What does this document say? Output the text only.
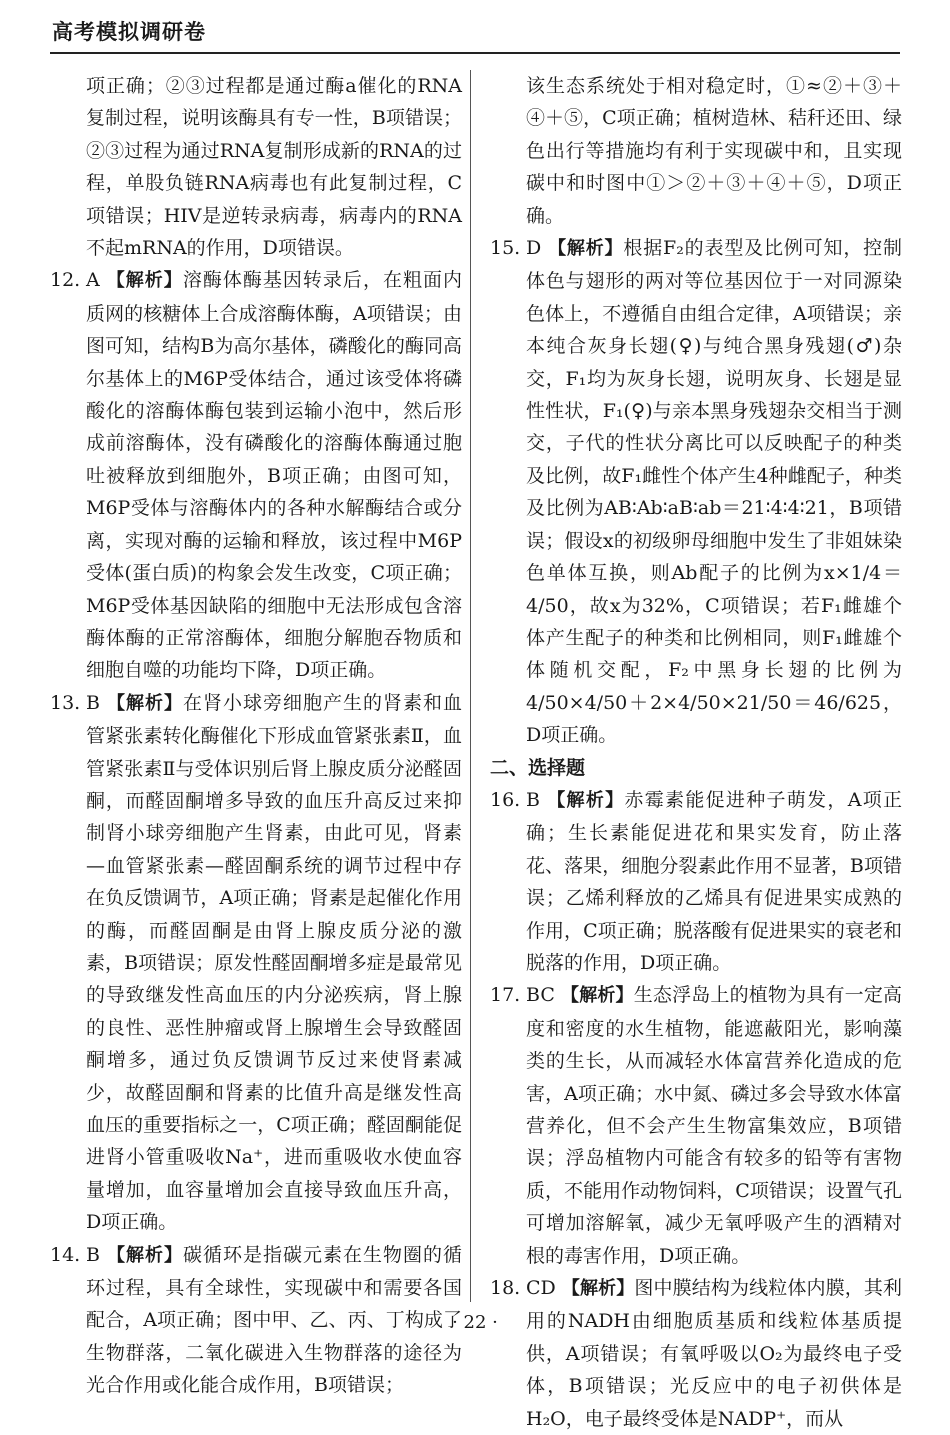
高考模拟调研卷

项正确；②③过程都是通过酶a催化的RNA复制过程，说明该酶具有专一性，B项错误；②③过程为通过RNA复制形成新的RNA的过程，单股负链RNA病毒也有此复制过程，C项错误；HIV是逆转录病毒，病毒内的RNA不起mRNA的作用，D项错误。

12. A 【解析】溶酶体酶基因转录后，在粗面内质网的核糖体上合成溶酶体酶，A项错误；由图可知，结构B为高尔基体，磷酸化的酶同高尔基体上的M6P受体结合，通过该受体将磷酸化的溶酶体酶包装到运输小泡中，然后形成前溶酶体，没有磷酸化的溶酶体酶通过胞吐被释放到细胞外，B项正确；由图可知，M6P受体与溶酶体内的各种水解酶结合或分离，实现对酶的运输和释放，该过程中M6P受体(蛋白质)的构象会发生改变，C项正确；M6P受体基因缺陷的细胞中无法形成包含溶酶体酶的正常溶酶体，细胞分解胞吞物质和细胞自噬的功能均下降，D项正确。
13. B 【解析】在肾小球旁细胞产生的肾素和血管紧张素转化酶催化下形成血管紧张素Ⅱ，血管紧张素Ⅱ与受体识别后肾上腺皮质分泌醛固酮，而醛固酮增多导致的血压升高反过来抑制肾小球旁细胞产生肾素，由此可见，肾素—血管紧张素—醛固酮系统的调节过程中存在负反馈调节，A项正确；肾素是起催化作用的酶，而醛固酮是由肾上腺皮质分泌的激素，B项错误；原发性醛固酮增多症是最常见的导致继发性高血压的内分泌疾病，肾上腺的良性、恶性肿瘤或肾上腺增生会导致醛固酮增多，通过负反馈调节反过来使肾素减少，故醛固酮和肾素的比值升高是继发性高血压的重要指标之一，C项正确；醛固酮能促进肾小管重吸收Na⁺，进而重吸收水使血容量增加，血容量增加会直接导致血压升高，D项正确。
14. B 【解析】碳循环是指碳元素在生物圈的循环过程，具有全球性，实现碳中和需要各国配合，A项正确；图中甲、乙、丙、丁构成了生物群落，二氧化碳进入生物群落的途径为光合作用或化能合成作用，B项错误；

该生态系统处于相对稳定时，①≈②＋③＋④＋⑤，C项正确；植树造林、秸秆还田、绿色出行等措施均有利于实现碳中和，且实现碳中和时图中①＞②＋③＋④＋⑤，D项正确。

15. D 【解析】根据F₂的表型及比例可知，控制体色与翅形的两对等位基因位于一对同源染色体上，不遵循自由组合定律，A项错误；亲本纯合灰身长翅(♀)与纯合黑身残翅(♂)杂交，F₁均为灰身长翅，说明灰身、长翅是显性性状，F₁(♀)与亲本黑身残翅杂交相当于测交，子代的性状分离比可以反映配子的种类及比例，故F₁雌性个体产生4种雌配子，种类及比例为AB∶Ab∶aB∶ab＝21∶4∶4∶21，B项错误；假设x的初级卵母细胞中发生了非姐妹染色单体互换，则Ab配子的比例为x×1/4＝4/50，故x为32%，C项错误；若F₁雌雄个体产生配子的种类和比例相同，则F₁雌雄个体随机交配，F₂中黑身长翅的比例为4/50×4/50＋2×4/50×21/50＝46/625，D项正确。

二、选择题

16. B 【解析】赤霉素能促进种子萌发，A项正确；生长素能促进花和果实发育，防止落花、落果，细胞分裂素此作用不显著，B项错误；乙烯利释放的乙烯具有促进果实成熟的作用，C项正确；脱落酸有促进果实的衰老和脱落的作用，D项正确。
17. BC 【解析】生态浮岛上的植物为具有一定高度和密度的水生植物，能遮蔽阳光，影响藻类的生长，从而减轻水体富营养化造成的危害，A项正确；水中氮、磷过多会导致水体富营养化，但不会产生生物富集效应，B项错误；浮岛植物内可能含有较多的铅等有害物质，不能用作动物饲料，C项错误；设置气孔可增加溶解氧，减少无氧呼吸产生的酒精对根的毒害作用，D项正确。
18. CD 【解析】图中膜结构为线粒体内膜，其利用的NADH由细胞质基质和线粒体基质提供，A项错误；有氧呼吸以O₂为最终电子受体，B项错误；光反应中的电子初供体是H₂O，电子最终受体是NADP⁺，而从
· 22 ·
